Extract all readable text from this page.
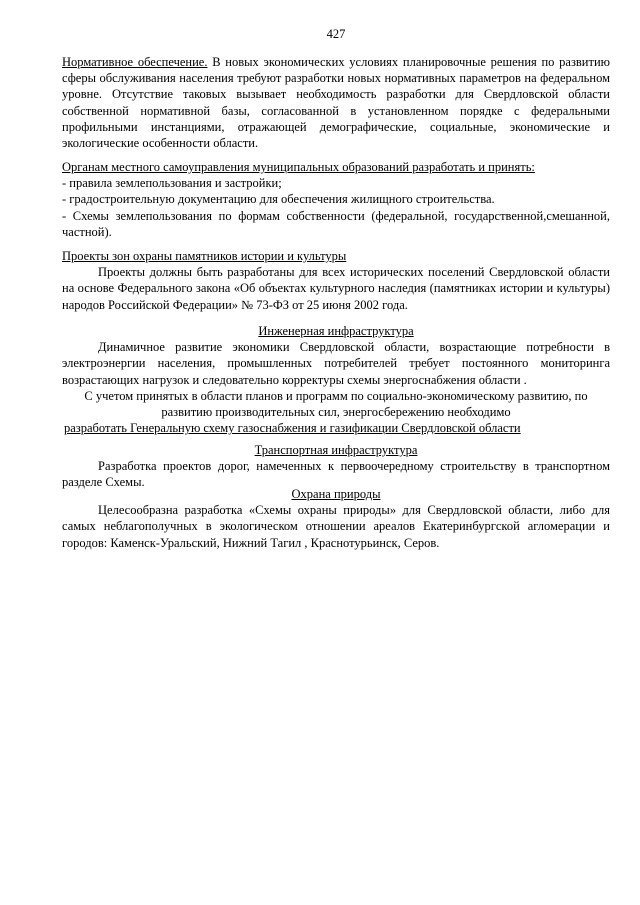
427

Нормативное обеспечение. В новых экономических условиях планировочные решения по развитию сферы обслуживания населения требуют разработки новых нормативных параметров на федеральном уровне. Отсутствие таковых вызывает необходимость разработки для Свердловской области собственной нормативной базы, согласованной в установленном порядке с федеральными профильными инстанциями, отражающей демографические, социальные, экономические и экологические особенности области.

Органам местного самоуправления муниципальных образований разработать и принять:
- правила землепользования и застройки;
- градостроительную документацию для обеспечения жилищного строительства.
- Схемы землепользования по формам собственности (федеральной, государственной,смешанной, частной).
Проекты зон охраны памятников истории и культуры

Проекты должны быть разработаны для всех исторических поселений Свердловской области на основе Федерального закона «Об объектах культурного наследия (памятниках истории и культуры) народов Российской Федерации» № 73-ФЗ от 25 июня 2002 года.

Инженерная инфраструктура

Динамичное развитие экономики Свердловской области, возрастающие потребности в электроэнергии населения, промышленных потребителей требует постоянного мониторинга возрастающих нагрузок и следовательно корректуры схемы энергоснабжения области .

С учетом принятых в области планов и программ по социально-экономическому развитию, по
развитию производительных сил, энергосбережению необходимо
разработать Генеральную схему газоснабжения и газификации Свердловской области
Транспортная инфраструктура

Разработка проектов дорог, намеченных к первоочередному строительству в транспортном разделе Схемы.

Охрана природы

Целесообразна разработка «Схемы охраны природы» для Свердловской области, либо для самых неблагополучных в экологическом отношении ареалов Екатеринбургской агломерации и городов: Каменск-Уральский, Нижний Тагил , Краснотурьинск, Серов.
